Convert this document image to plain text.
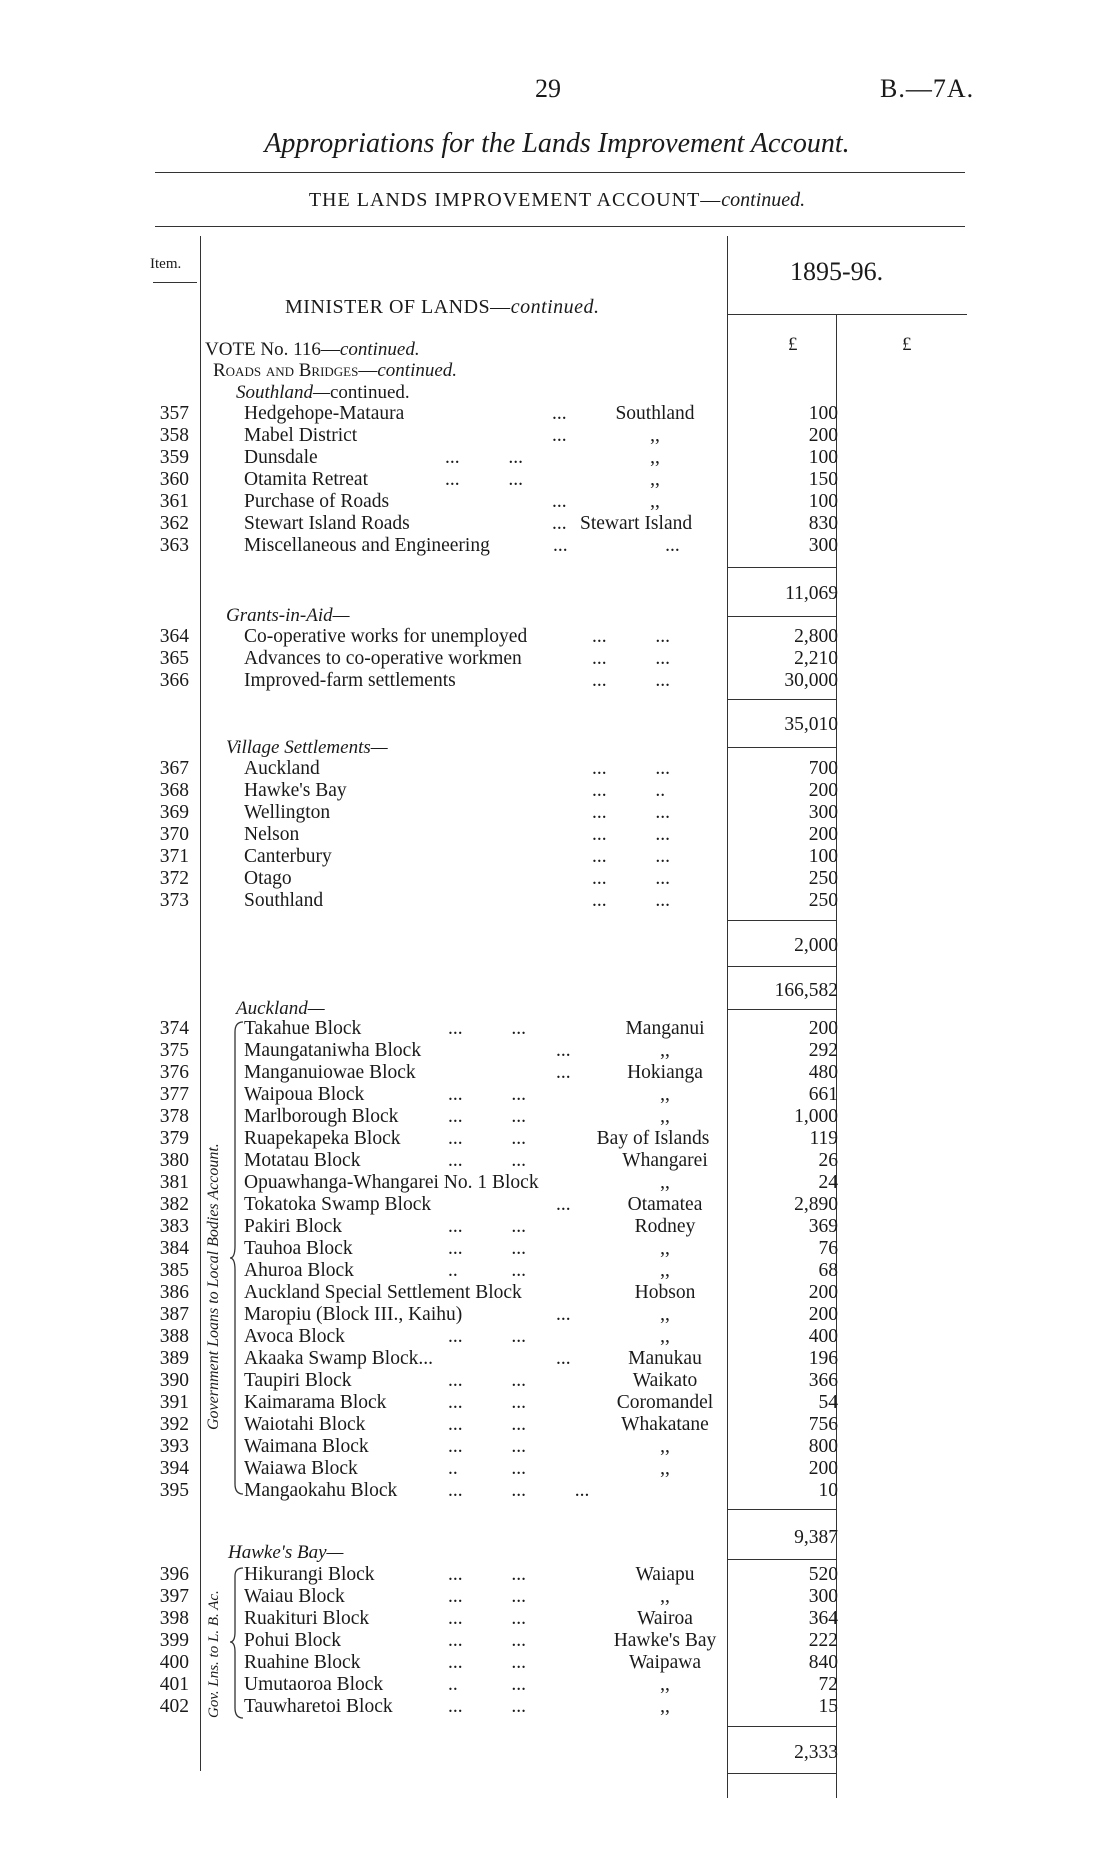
29	B.—7A.
Appropriations for the Lands Improvement Account.
THE LANDS IMPROVEMENT ACCOUNT—continued.
Item.	1895-96.
MINISTER OF LANDS—continued.
£	£
VOTE No. 116—continued.
Roads and Bridges—continued.
Southland—continued.
357	Hedgehope-Mataura	...	Southland	100
358	Mabel District	...	,,	200
359	Dunsdale	...          ...	,,	100
360	Otamita Retreat	...          ...	,,	150
361	Purchase of Roads	...	,,	100
362	Stewart Island Roads	... Stewart Island	830
363	Miscellaneous and Engineering	...                    ...	300
11,069
Grants-in-Aid—
364	Co-operative works for unemployed	...          ...	2,800
365	Advances to co-operative workmen	...          ...	2,210
366	Improved-farm settlements	...          ...	30,000
35,010
Village Settlements—
367	Auckland	...          ...	700
368	Hawke's Bay	...          ..	200
369	Wellington	...          ...	300
370	Nelson	...          ...	200
371	Canterbury	...          ...	100
372	Otago	...          ...	250
373	Southland	...          ...	250
2,000
166,582
Auckland—
Government Loans to Local Bodies Account.
374	Takahue Block	...          ...	Manganui	200
375	Maungataniwha Block	...	,,	292
376	Manganuiowae Block	...	Hokianga	480
377	Waipoua Block	...          ...	,,	661
378	Marlborough Block	...          ...	,,	1,000
379	Ruapekapeka Block ...          ...	Bay of Islands	119
380	Motatau Block	...          ...	Whangarei	26
381	Opuawhanga-Whangarei No. 1 Block	,,	24
382	Tokatoka Swamp Block	...	Otamatea	2,890
383	Pakiri Block	...          ...	Rodney	369
384	Tauhoa Block	...          ...	,,	76
385	Ahuroa Block	..           ...	,,	68
386	Auckland Special Settlement Block	Hobson	200
387	Maropiu (Block III., Kaihu)	...	,,	200
388	Avoca Block	...          ...	,,	400
389	Akaaka Swamp Block...	...	Manukau	196
390	Taupiri Block	...          ...	Waikato	366
391	Kaimarama Block	...          ...	Coromandel	54
392	Waiotahi Block	...          ...	Whakatane	756
393	Waimana Block	...          ...	,,	800
394	Waiawa Block	..           ...	,,	200
395	Mangaokahu Block	...          ...          ...	10
9,387
Hawke's Bay—
Gov. Lns. to L. B. Ac.
396	Hikurangi Block	...          ...	Waiapu	520
397	Waiau Block	...          ...	,,	300
398	Ruakituri Block	...          ...	Wairoa	364
399	Pohui Block	...          ...	Hawke's Bay	222
400	Ruahine Block	...          ...	Waipawa	840
401	Umutaoroa Block	..           ...	,,	72
402	Tauwharetoi Block	...          ...	,,	15
2,333
